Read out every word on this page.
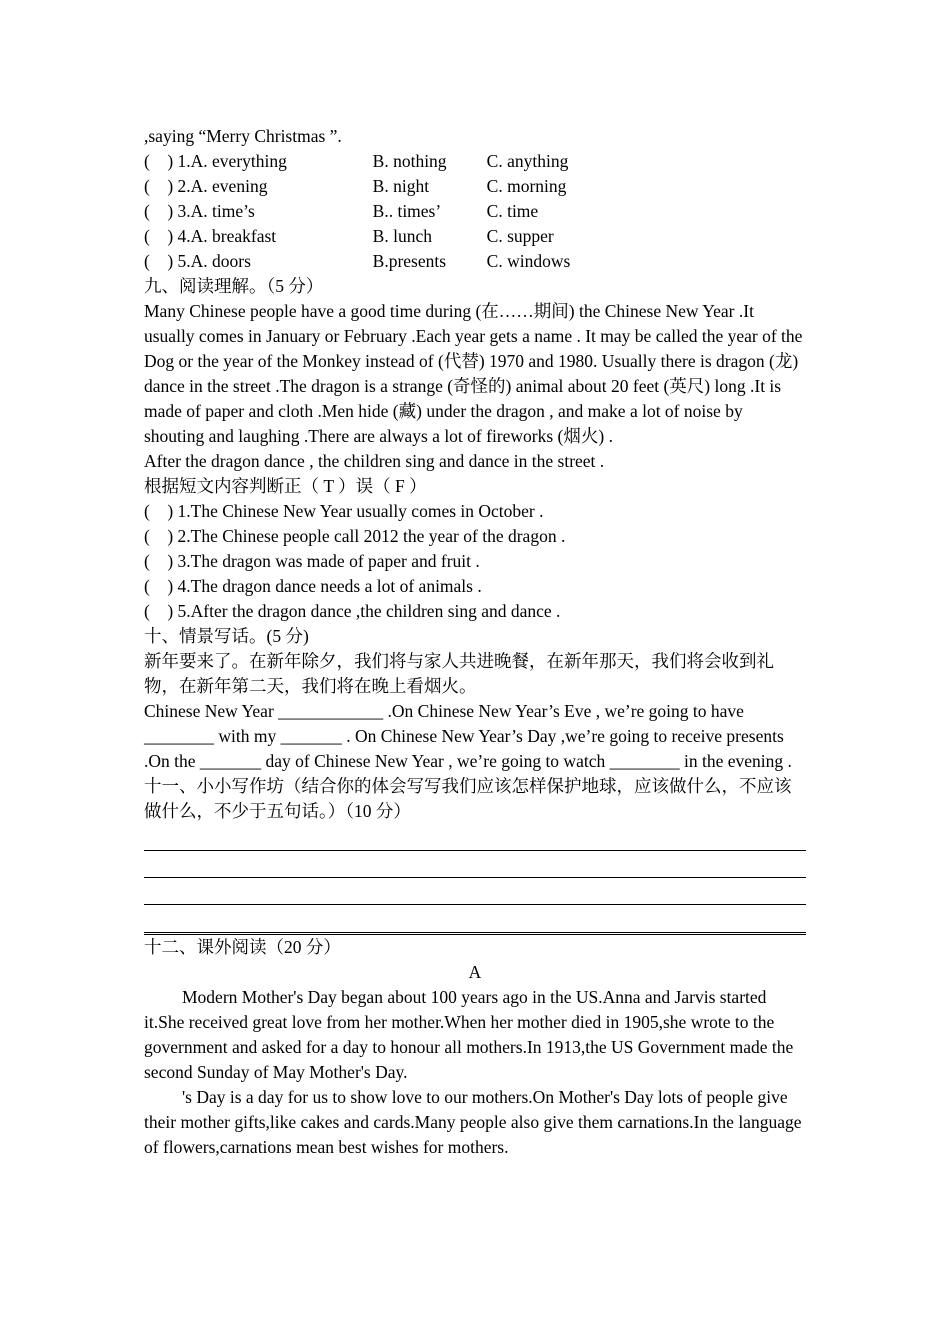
,saying “Merry Christmas ”.
(    ) 1.A. everything	B. nothing C. anything
(    ) 2.A. evening	B. night	C. morning
(    ) 3.A. time’s	B.. times’	C. time
(    ) 4.A. breakfast	B. lunch	C. supper
(    ) 5.A. doors	B.presents C. windows
九、阅读理解。（5 分）
Many Chinese people have a good time during (在……期间) the Chinese New Year .It usually comes in January or February .Each year gets a name . It may be called the year of the Dog or the year of the Monkey instead of (代替) 1970 and 1980. Usually there is dragon (龙) dance in the street .The dragon is a strange (奇怪的) animal about 20 feet (英尺) long .It is made of paper and cloth .Men hide (藏) under the dragon , and make a lot of noise by shouting and laughing .There are always a lot of fireworks (烟火) .
After the dragon dance , the children sing and dance in the street .
根据短文内容判断正（ T ）误（ F ）
(    ) 1.The Chinese New Year usually comes in October .
(    ) 2.The Chinese people call 2012 the year of the dragon .
(    ) 3.The dragon was made of paper and fruit .
(    ) 4.The dragon dance needs a lot of animals .
(    ) 5.After the dragon dance ,the children sing and dance .
十、情景写话。(5 分)
新年要来了。在新年除夕，我们将与家人共进晚餐，在新年那天，我们将会收到礼物，在新年第二天，我们将在晚上看烟火。
Chinese New Year ____________ .On Chinese New Year’s Eve , we’re going to have ________ with my _______ . On Chinese New Year’s Day ,we’re going to receive presents .On the _______ day of Chinese New Year , we’re going to watch ________ in the evening .
十一、小小写作坊（结合你的体会写写我们应该怎样保护地球，应该做什么，不应该做什么，不少于五句话。）（10 分）
十二、课外阅读（20 分）
A
Modern Mother's Day began about 100 years ago in the US.Anna and Jarvis started it.She received great love from her mother.When her mother died in 1905,she wrote to the government and asked for a day to honour all mothers.In 1913,the US Government made the second Sunday of May Mother's Day.
's Day is a day for us to show love to our mothers.On Mother's Day lots of people give their mother gifts,like cakes and cards.Many people also give them carnations.In the language of flowers,carnations mean best wishes for mothers.
